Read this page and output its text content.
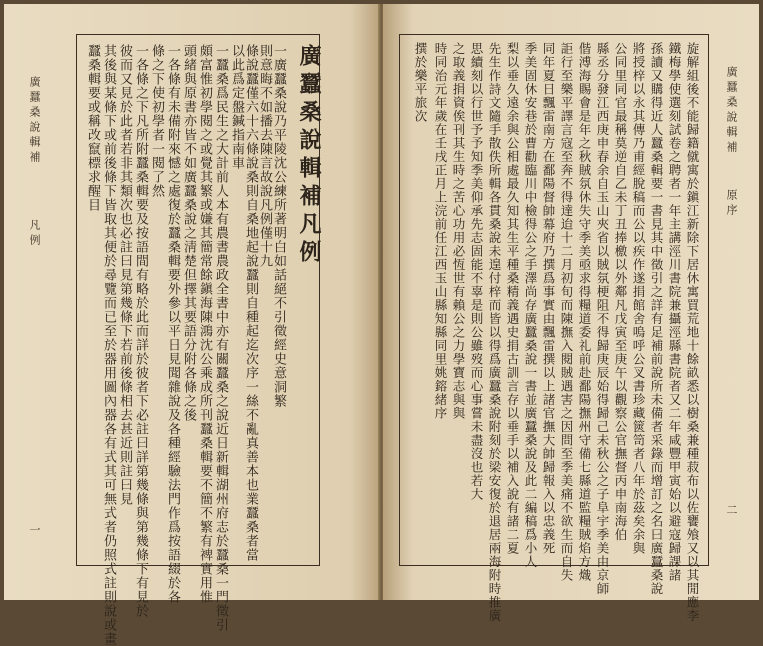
廣蠶桑說輯補
凡例
一
廣蠶桑說輯補凡例
一廣蠶桑說乃平陵沈公練所著明白如話絕不引徵經史意洞繁
則意晦不如播去陳言故說凡例僅十九
條說蠶僅六十六條說桑則自桑地起說蠶則自種起迄次序一絲不亂真善本也業蠶桑者當
以此爲定盤鍼指南車
一蠶桑爲民生之大計前人本有農書農政全書中亦有關蠶桑之說近日新輯湖州府志於蠶桑一門徵引
頗富惟初學閱之或覺其繁或嫌其簡常餘鎭海陳鴻沈公乘成所刊蠶桑輯要不簡不繁有裨實用惟
頭緒與原書亦皆不如廣蠶桑說之淸楚但擇其要語分附各條之後
一各條有未備附來憾之處復於蠶桑輯要外參以平日見聞雜說及各種經驗法門作爲按語綴於各
條之下使初學者一閱了然
一各條之下凡所附蠶桑輯要及按語間有略於此而詳於彼者下必註曰詳第幾條與第幾條下有見於
彼而又見於此者若非其類次也必註曰見第幾條下若前後條相去甚近則註曰見
其後與某條下或前後條下皆取其便於尋覽而已至於器用圖內器各有式其可無式者仍照式註則說或畫
蠶桑輯要或稱改竄標求醒目	廣蠶桑說輯補
原序
二
旋解組後不能歸籍僦寓於鎭江新除下居休寓買荒地十餘畝悉以樹桑兼種菽布以佐饔飧又以其閒應李
鐵梅學使選刻試卷之聘者一年主講涇川書院兼攝涇縣書院者又二年咸豐甲寅始以避寇歸課諸
孫讀又購得近人蠶桑輯要一書見其中徵引之詳有足補前說所未備者采錄而增訂之名曰廣蠶桑說
將授梓以永其傳乃甫經脫稿而公以疾作遂捐館舍嗚呼公叉書珍藏篋笥者八年於茲矣余與
公同里同官最稱莫逆自乙未丁丑捧檄以外鄰凡戊寅至庚午以觀察公官撫督丙申南海伯
縣丞分發江西庚申春余自玉山夾省以賊氛梗阻不得歸庚辰始得歸己未秋公之子阜宇季美由京師
偕溥海賜會是年之秋賊氛休失守季美亟求得糧道委礼前赴鄱陽撫州守備七縣道監糧賊焰方熾
詎行至樂平譯言寇至奔不得達迨十二月初旬而陳撫入閱賊遇害之因問至季美痛不欲生而自失
同年夏日飄雷南方在鄱陽督帥幕府乃撰爲事實由飄雷撰以上諸官撫大帥歸報入以忠義死
季美固休安巷於曹勸臨川中檢得公之手澤尚存廣蠶桑說一書並廣蠶桑說及此二編稿爲小人
梨以垂久遠余與公相處最久知其生平種桑精義遇史捐古訓言存以垂手以補入說有諸二夏
先生作詩文隨手散佚所輯各貫桑說未遑付梓而皆以得爲廣蠶桑說附刻於梁安復於退居兩海附時推廣
思續刻以行世予予知季美仰承先志固能不辜是則公雖歿而心事嘗未盡沒也若大
之取義捐資俟刊其生時之苦心功用必恆世有賴公之力學寶志與與
時同治元年歲在壬戌正月上浣前任江西玉山縣知縣同里姚鎔緒序
撰於樂平旅次
